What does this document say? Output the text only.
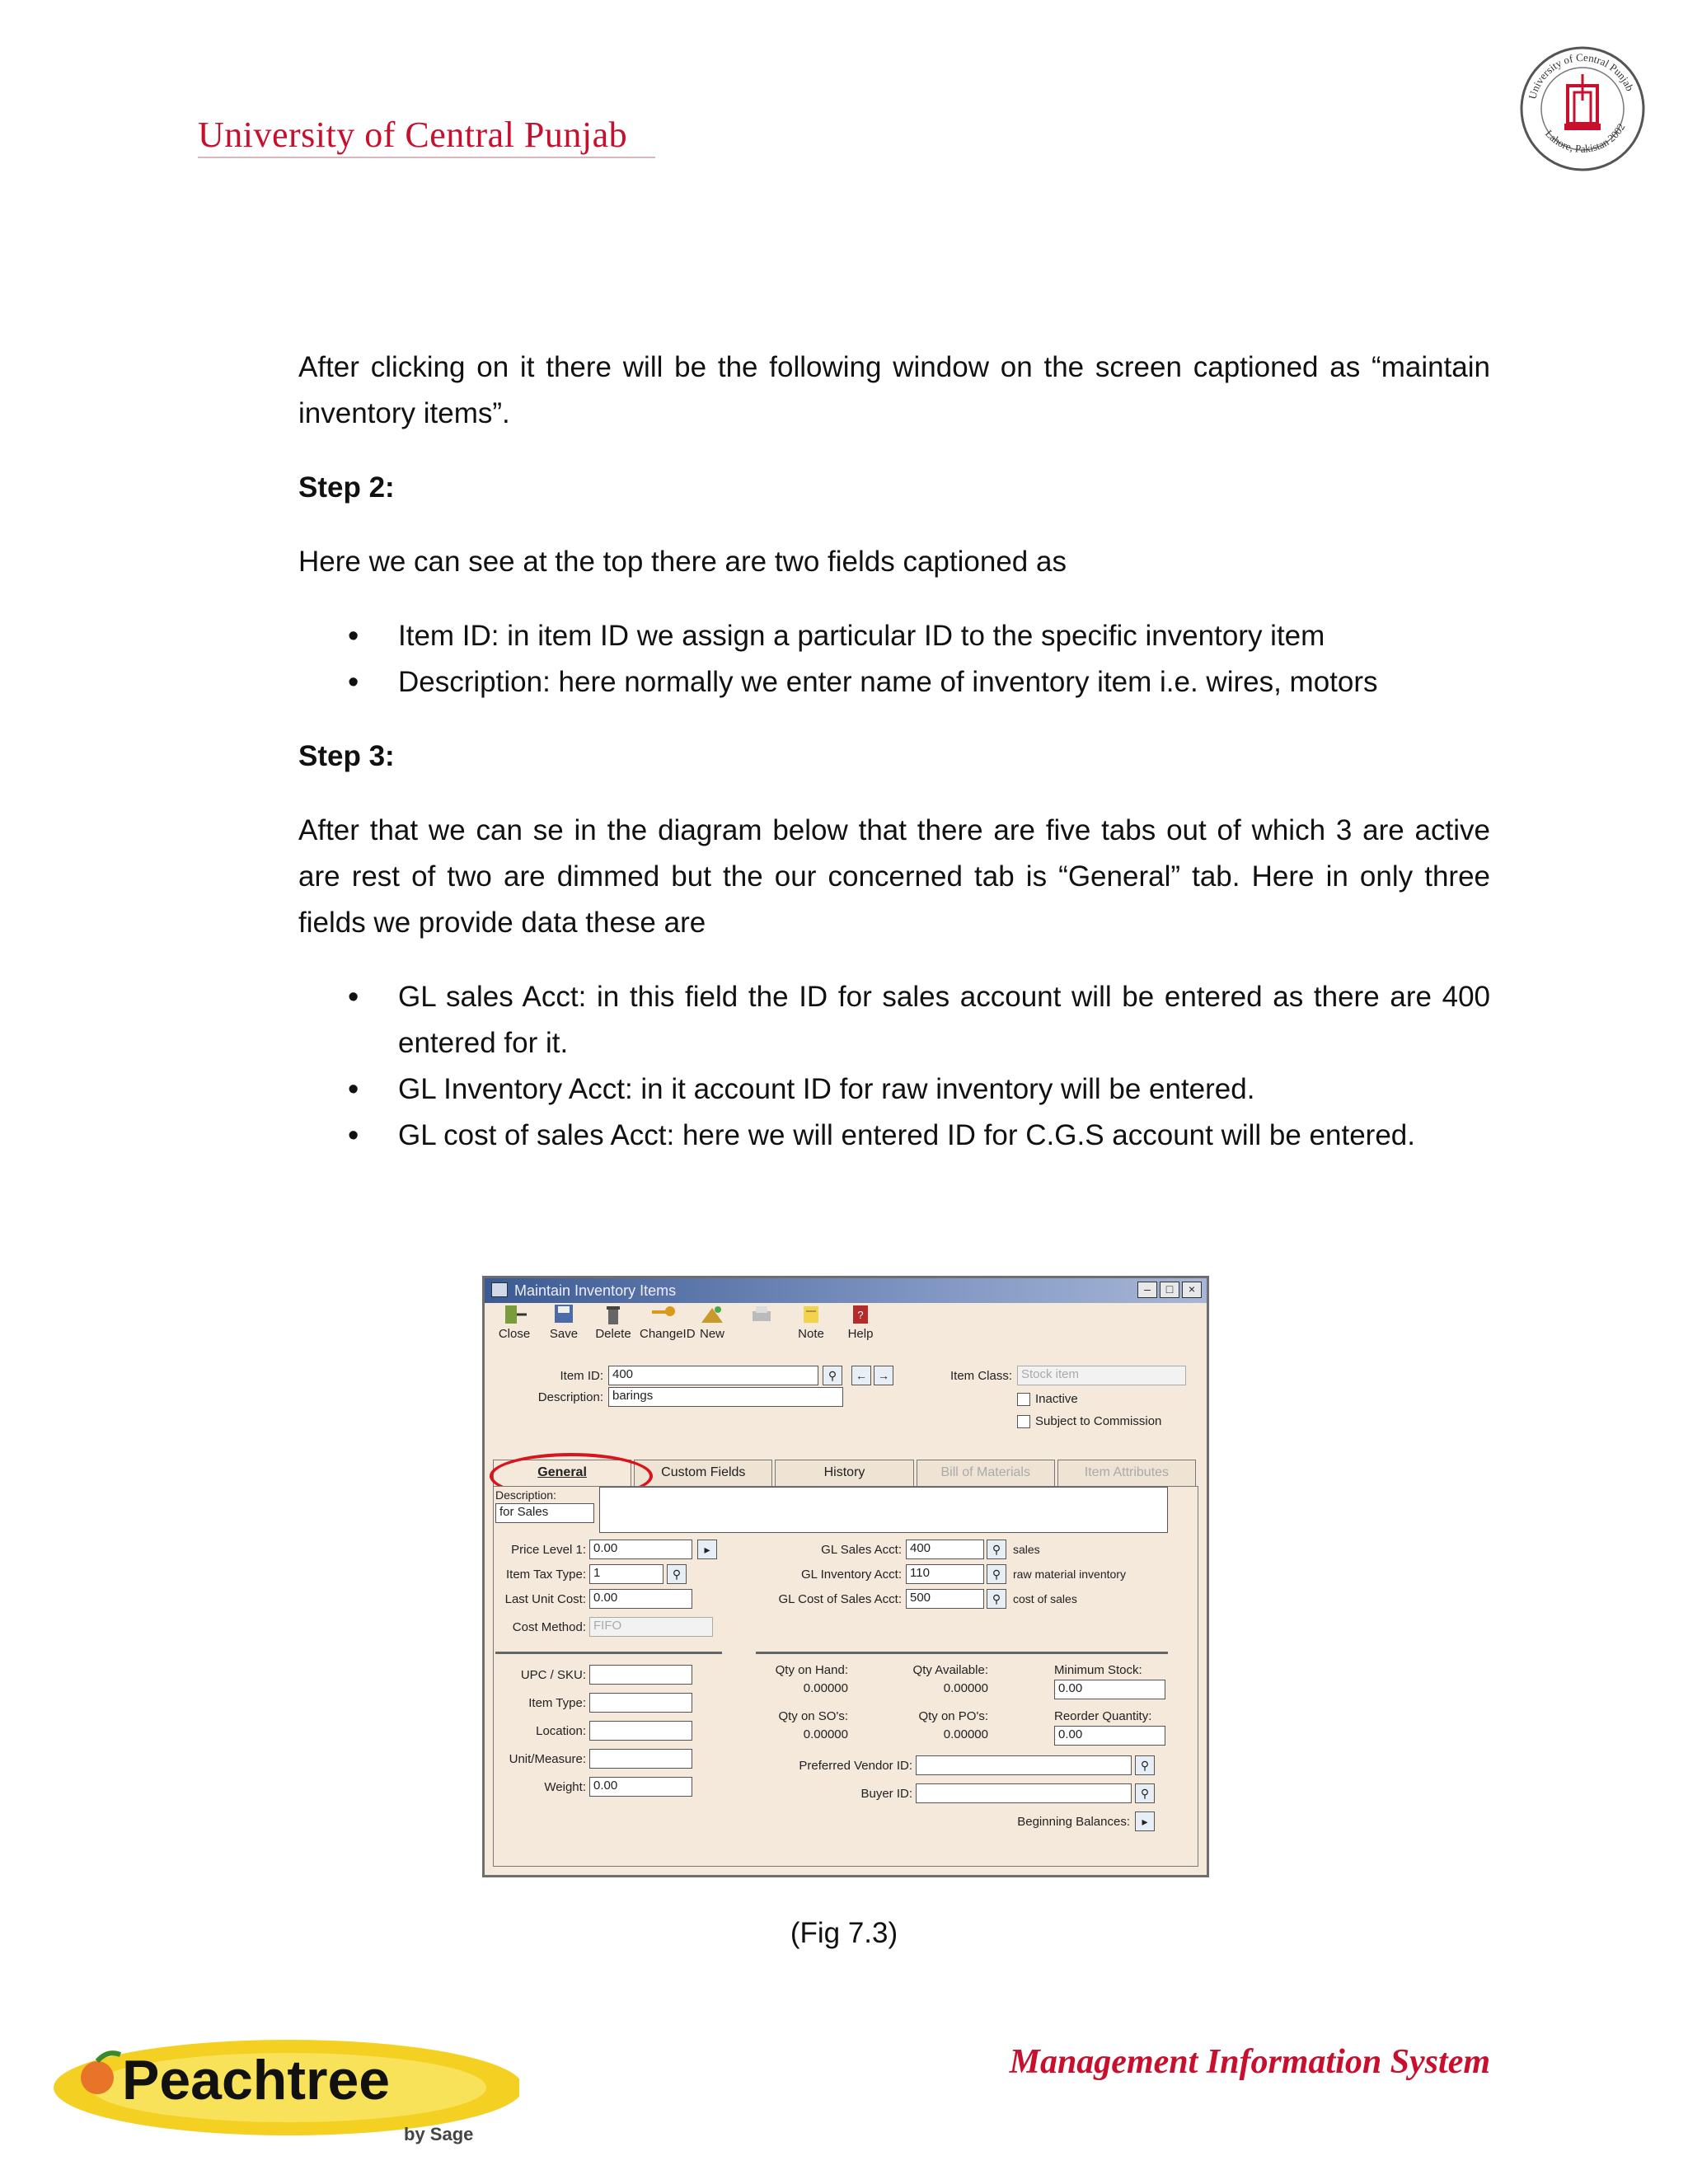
University of Central Punjab
University of Central Punjab
Lahore, Pakistan 2002

After clicking on it there will be the following window on the screen captioned as “maintain inventory items”.

Step 2:

Here we can see at the top there are two fields captioned as

• Item ID: in item ID we assign a particular ID to the specific inventory item
• Description: here normally we enter name of inventory item i.e. wires, motors

Step 3:

After that we can se in the diagram below that there are five tabs out of which 3 are active are rest of two are dimmed but the our concerned tab is “General” tab. Here in only three fields we provide data these are

• GL sales Acct: in this field the ID for sales account will be entered as there are 400 entered for it.
• GL Inventory Acct: in it account ID for raw inventory will be entered.
• GL cost of sales Acct: here we will entered ID for C.G.S account will be entered.
Maintain Inventory Items	–	□	×
Close	Save	Delete ChangeID New	Note
?
Help
Item ID: 400	⚲	← →
Description: barings
Item Class: Stock item
Inactive
Subject to Commission
General	Custom Fields	History	Bill of Materials	Item Attributes
Description:
for Sales
Price Level 1: 0.00	▸
Item Tax Type: 1	⚲
Last Unit Cost: 0.00
Cost Method: FIFO
GL Sales Acct: 400	⚲	sales
GL Inventory Acct: 110	⚲	raw material inventory
GL Cost of Sales Acct: 500	⚲	cost of sales
UPC / SKU:
Item Type:
Location:
Unit/Measure:
Weight: 0.00
Qty on Hand:
0.00000
Qty Available:
0.00000
Minimum Stock:
0.00
Qty on SO's:
0.00000
Qty on PO's:
0.00000
Reorder Quantity:
0.00
Preferred Vendor ID:	⚲
Buyer ID:	⚲
Beginning Balances:	▸
(Fig 7.3)
Peachtree
by Sage
Management Information System
